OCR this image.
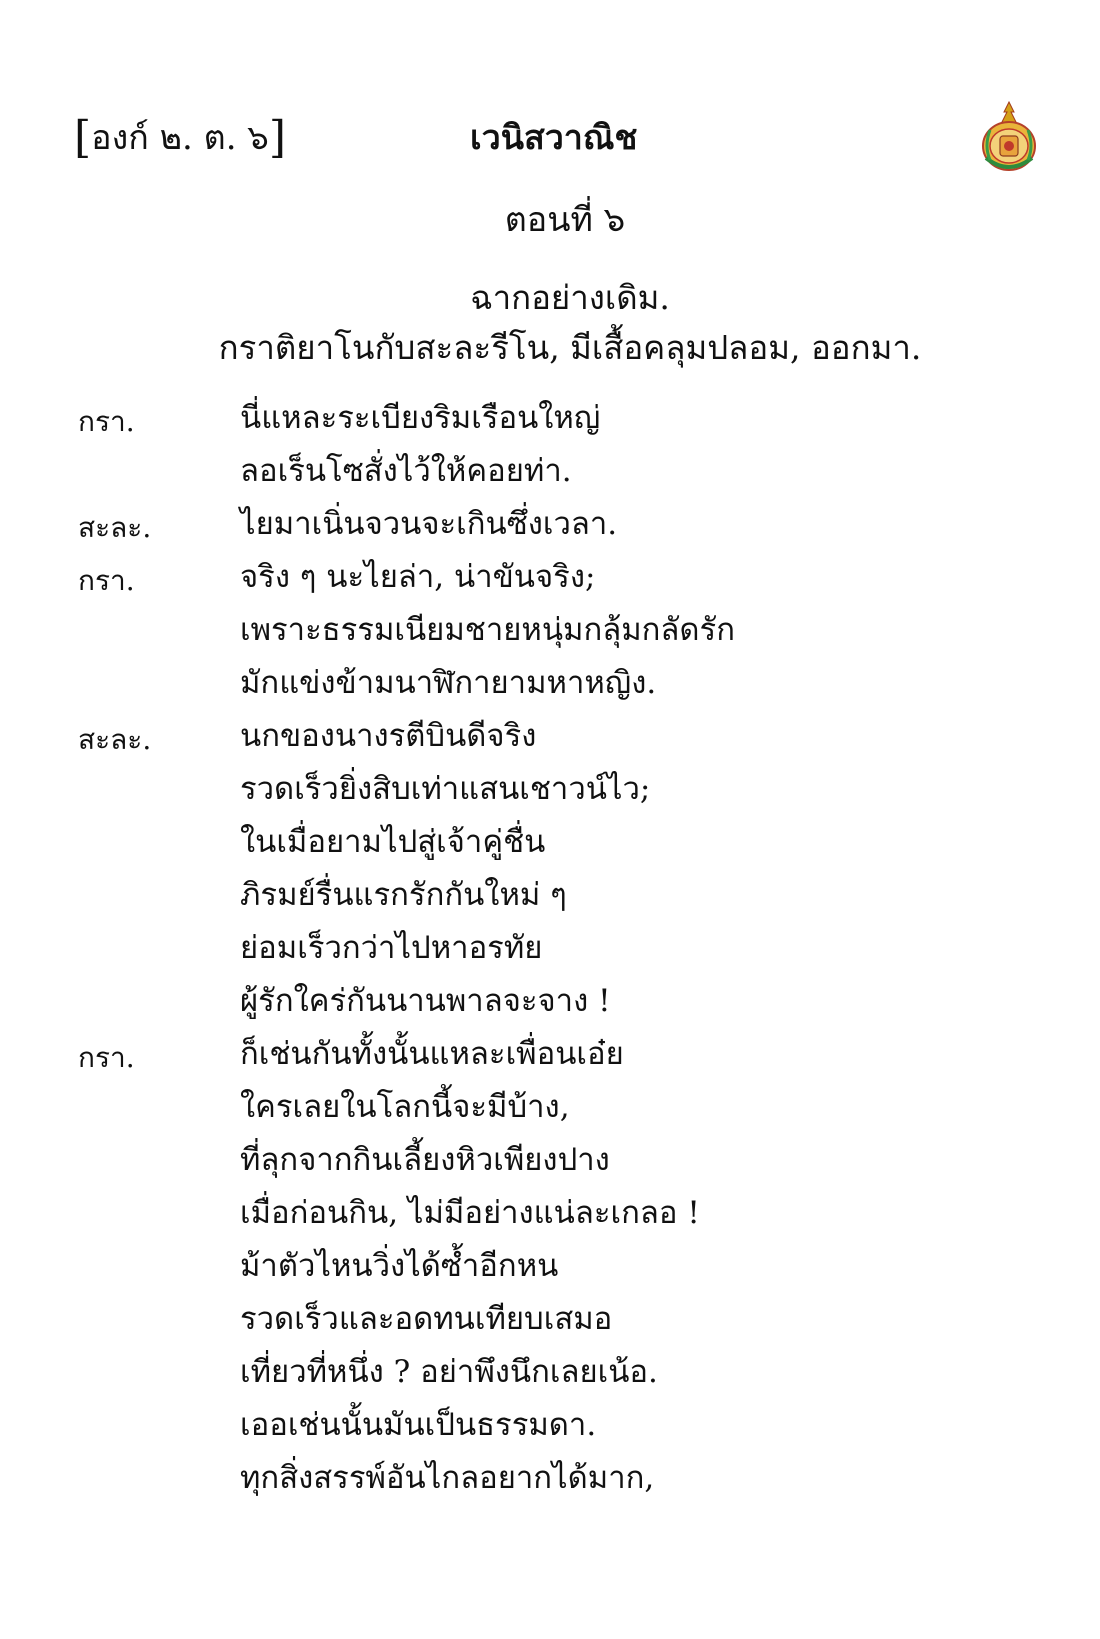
[องก์ ๒. ต. ๖]	เวนิสวาณิช
ตอนที่ ๖
ฉากอย่างเดิม.
กราติยาโนกับสะละรีโน, มีเสื้อคลุมปลอม, ออกมา.
กรา.	นี่แหละระเบียงริมเรือนใหญ่
ลอเร็นโซสั่งไว้ให้คอยท่า.
สะละ.	ไยมาเนิ่นจวนจะเกินซึ่งเวลา.
กรา.	จริง ๆ นะไยล่า, น่าขันจริง;
เพราะธรรมเนียมชายหนุ่มกลุ้มกลัดรัก
มักแข่งข้ามนาฬิกายามหาหญิง.
สะละ.	นกของนางรตีบินดีจริง
รวดเร็วยิ่งสิบเท่าแสนเชาวน์ไว;
ในเมื่อยามไปสู่เจ้าคู่ชื่น
ภิรมย์รื่นแรกรักกันใหม่ ๆ
ย่อมเร็วกว่าไปหาอรทัย
ผู้รักใคร่กันนานพาลจะจาง !
กรา.	ก็เช่นกันทั้งนั้นแหละเพื่อนเอ๋ย
ใครเลยในโลกนี้จะมีบ้าง,
ที่ลุกจากกินเลี้ยงหิวเพียงปาง
เมื่อก่อนกิน, ไม่มีอย่างแน่ละเกลอ !
ม้าตัวไหนวิ่งได้ซ้ำอีกหน
รวดเร็วและอดทนเทียบเสมอ
เที่ยวที่หนึ่ง ? อย่าพึงนึกเลยเน้อ.
เออเช่นนั้นมันเป็นธรรมดา.
ทุกสิ่งสรรพ์อันไกลอยากได้มาก,
